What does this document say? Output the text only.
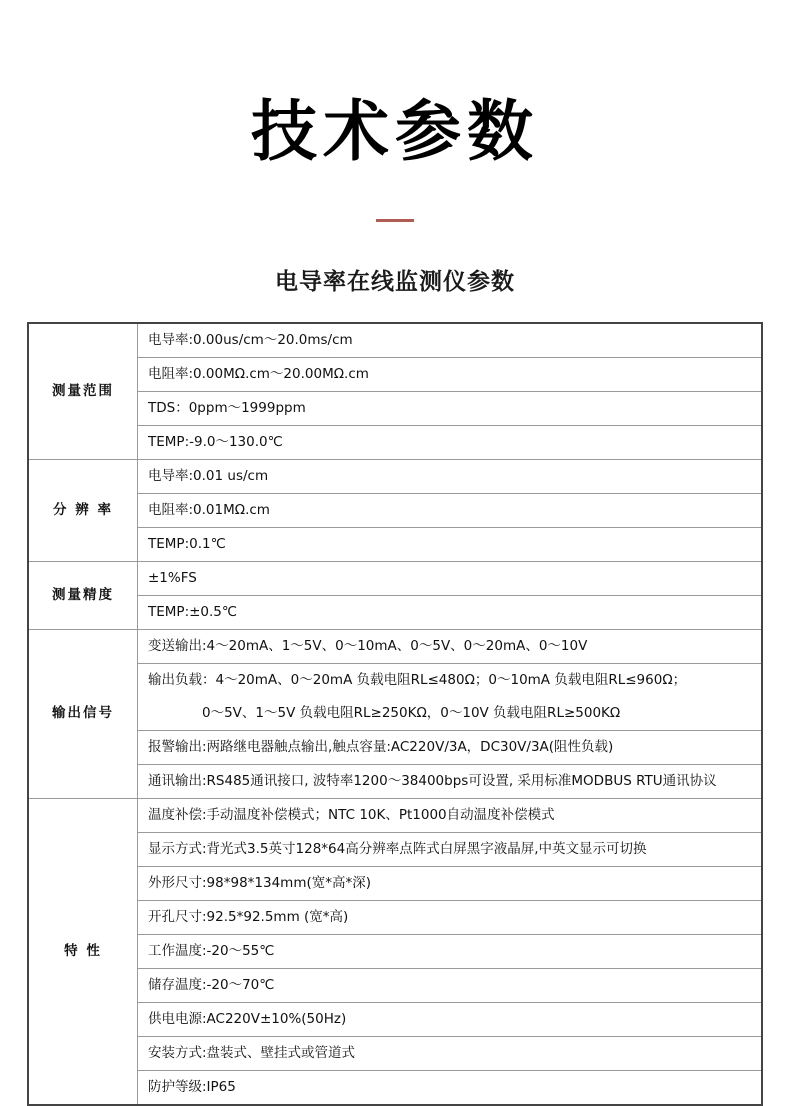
技术参数
电导率在线监测仪参数
测量范围	电导率:0.00us/cm～20.0ms/cm
	电阻率:0.00MΩ.cm～20.00MΩ.cm
	TDS：0ppm～1999ppm
	TEMP:-9.0～130.0℃
分 辨 率	电导率:0.01 us/cm
	电阻率:0.01MΩ.cm
	TEMP:0.1℃
测量精度	±1%FS
	TEMP:±0.5℃
输出信号	变送输出:4～20mA、1～5V、0～10mA、0～5V、0～20mA、0～10V
	输出负载：4～20mA、0～20mA 负载电阻RL≤480Ω；0～10mA 负载电阻RL≤960Ω；
	　　　　0～5V、1～5V 负载电阻RL≥250KΩ，0～10V 负载电阻RL≥500KΩ
	报警输出:两路继电器触点输出,触点容量:AC220V/3A，DC30V/3A(阻性负载)
	通讯输出:RS485通讯接口, 波特率1200～38400bps可设置, 采用标准MODBUS RTU通讯协议
特 性	温度补偿:手动温度补偿模式；NTC 10K、Pt1000自动温度补偿模式
	显示方式:背光式3.5英寸128*64高分辨率点阵式白屏黑字液晶屏,中英文显示可切换
	外形尺寸:98*98*134mm(宽*高*深)
	开孔尺寸:92.5*92.5mm (宽*高)
	工作温度:-20～55℃
	储存温度:-20～70℃
	供电电源:AC220V±10%(50Hz)
	安装方式:盘装式、壁挂式或管道式
	防护等级:IP65
